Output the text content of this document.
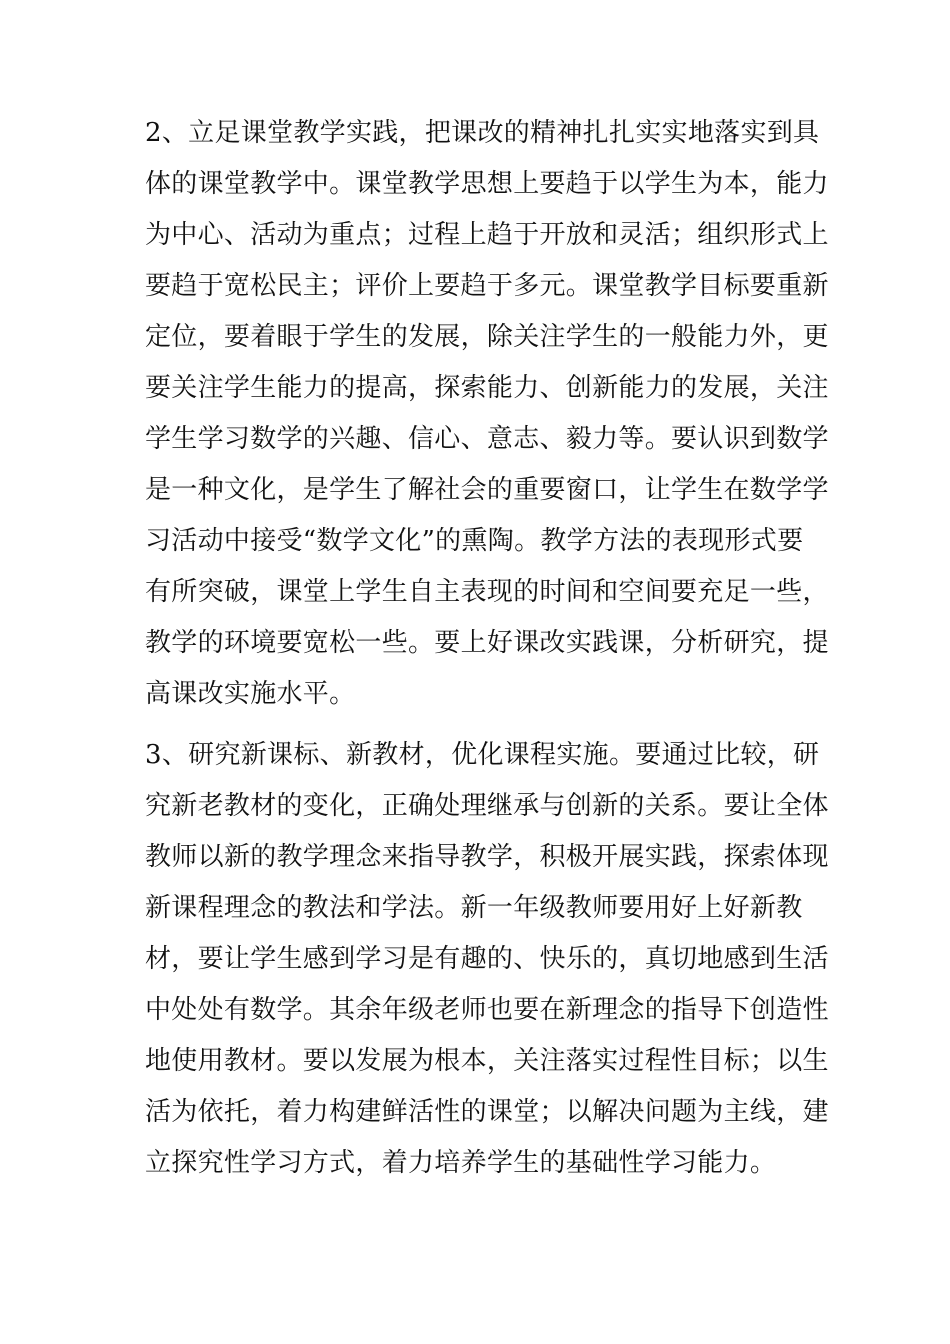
2、立足课堂教学实践，把课改的精神扎扎实实地落实到具
体的课堂教学中。课堂教学思想上要趋于以学生为本，能力
为中心、活动为重点；过程上趋于开放和灵活；组织形式上
要趋于宽松民主；评价上要趋于多元。课堂教学目标要重新
定位，要着眼于学生的发展，除关注学生的一般能力外，更
要关注学生能力的提高，探索能力、创新能力的发展，关注
学生学习数学的兴趣、信心、意志、毅力等。要认识到数学
是一种文化，是学生了解社会的重要窗口，让学生在数学学
习活动中接受“数学文化”的熏陶。教学方法的表现形式要
有所突破，课堂上学生自主表现的时间和空间要充足一些，
教学的环境要宽松一些。要上好课改实践课，分析研究，提
高课改实施水平。

3、研究新课标、新教材，优化课程实施。要通过比较，研
究新老教材的变化，正确处理继承与创新的关系。要让全体
教师以新的教学理念来指导教学，积极开展实践，探索体现
新课程理念的教法和学法。新一年级教师要用好上好新教
材，要让学生感到学习是有趣的、快乐的，真切地感到生活
中处处有数学。其余年级老师也要在新理念的指导下创造性
地使用教材。要以发展为根本，关注落实过程性目标；以生
活为依托，着力构建鲜活性的课堂；以解决问题为主线，建
立探究性学习方式，着力培养学生的基础性学习能力。
